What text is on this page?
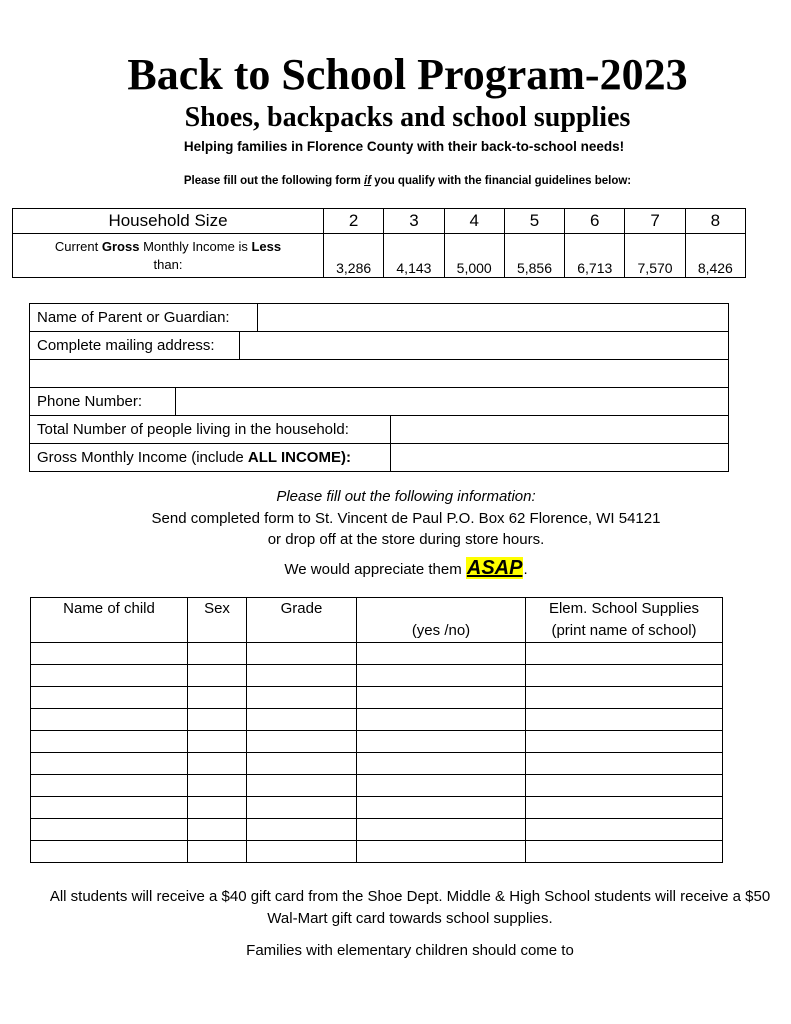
Back to School Program-2023
Shoes, backpacks and school supplies
Helping families in Florence County with their back-to-school needs!
Please fill out the following form if you qualify with the financial guidelines below:
Household Size	2	3	4	5	6	7	8
Current Gross Monthly Income is Less
than:	3,286	4,143	5,000	5,856	6,713	7,570	8,426
Name of Parent or Guardian:
Complete mailing address:
Phone Number:
Total Number of people living in the household:
Gross Monthly Income (include ALL INCOME):
Please fill out the following information:
Send completed form to St. Vincent de Paul P.O. Box 62 Florence, WI 54121
or drop off at the store during store hours.
We would appreciate them ASAP.
Name of child	Sex	Grade	(yes /no)	Elem. School Supplies
(print name of school)

All students will receive a $40 gift card from the Shoe Dept. Middle & High School students will receive a $50 Wal-Mart gift card towards school supplies.
Families with elementary children should come to
